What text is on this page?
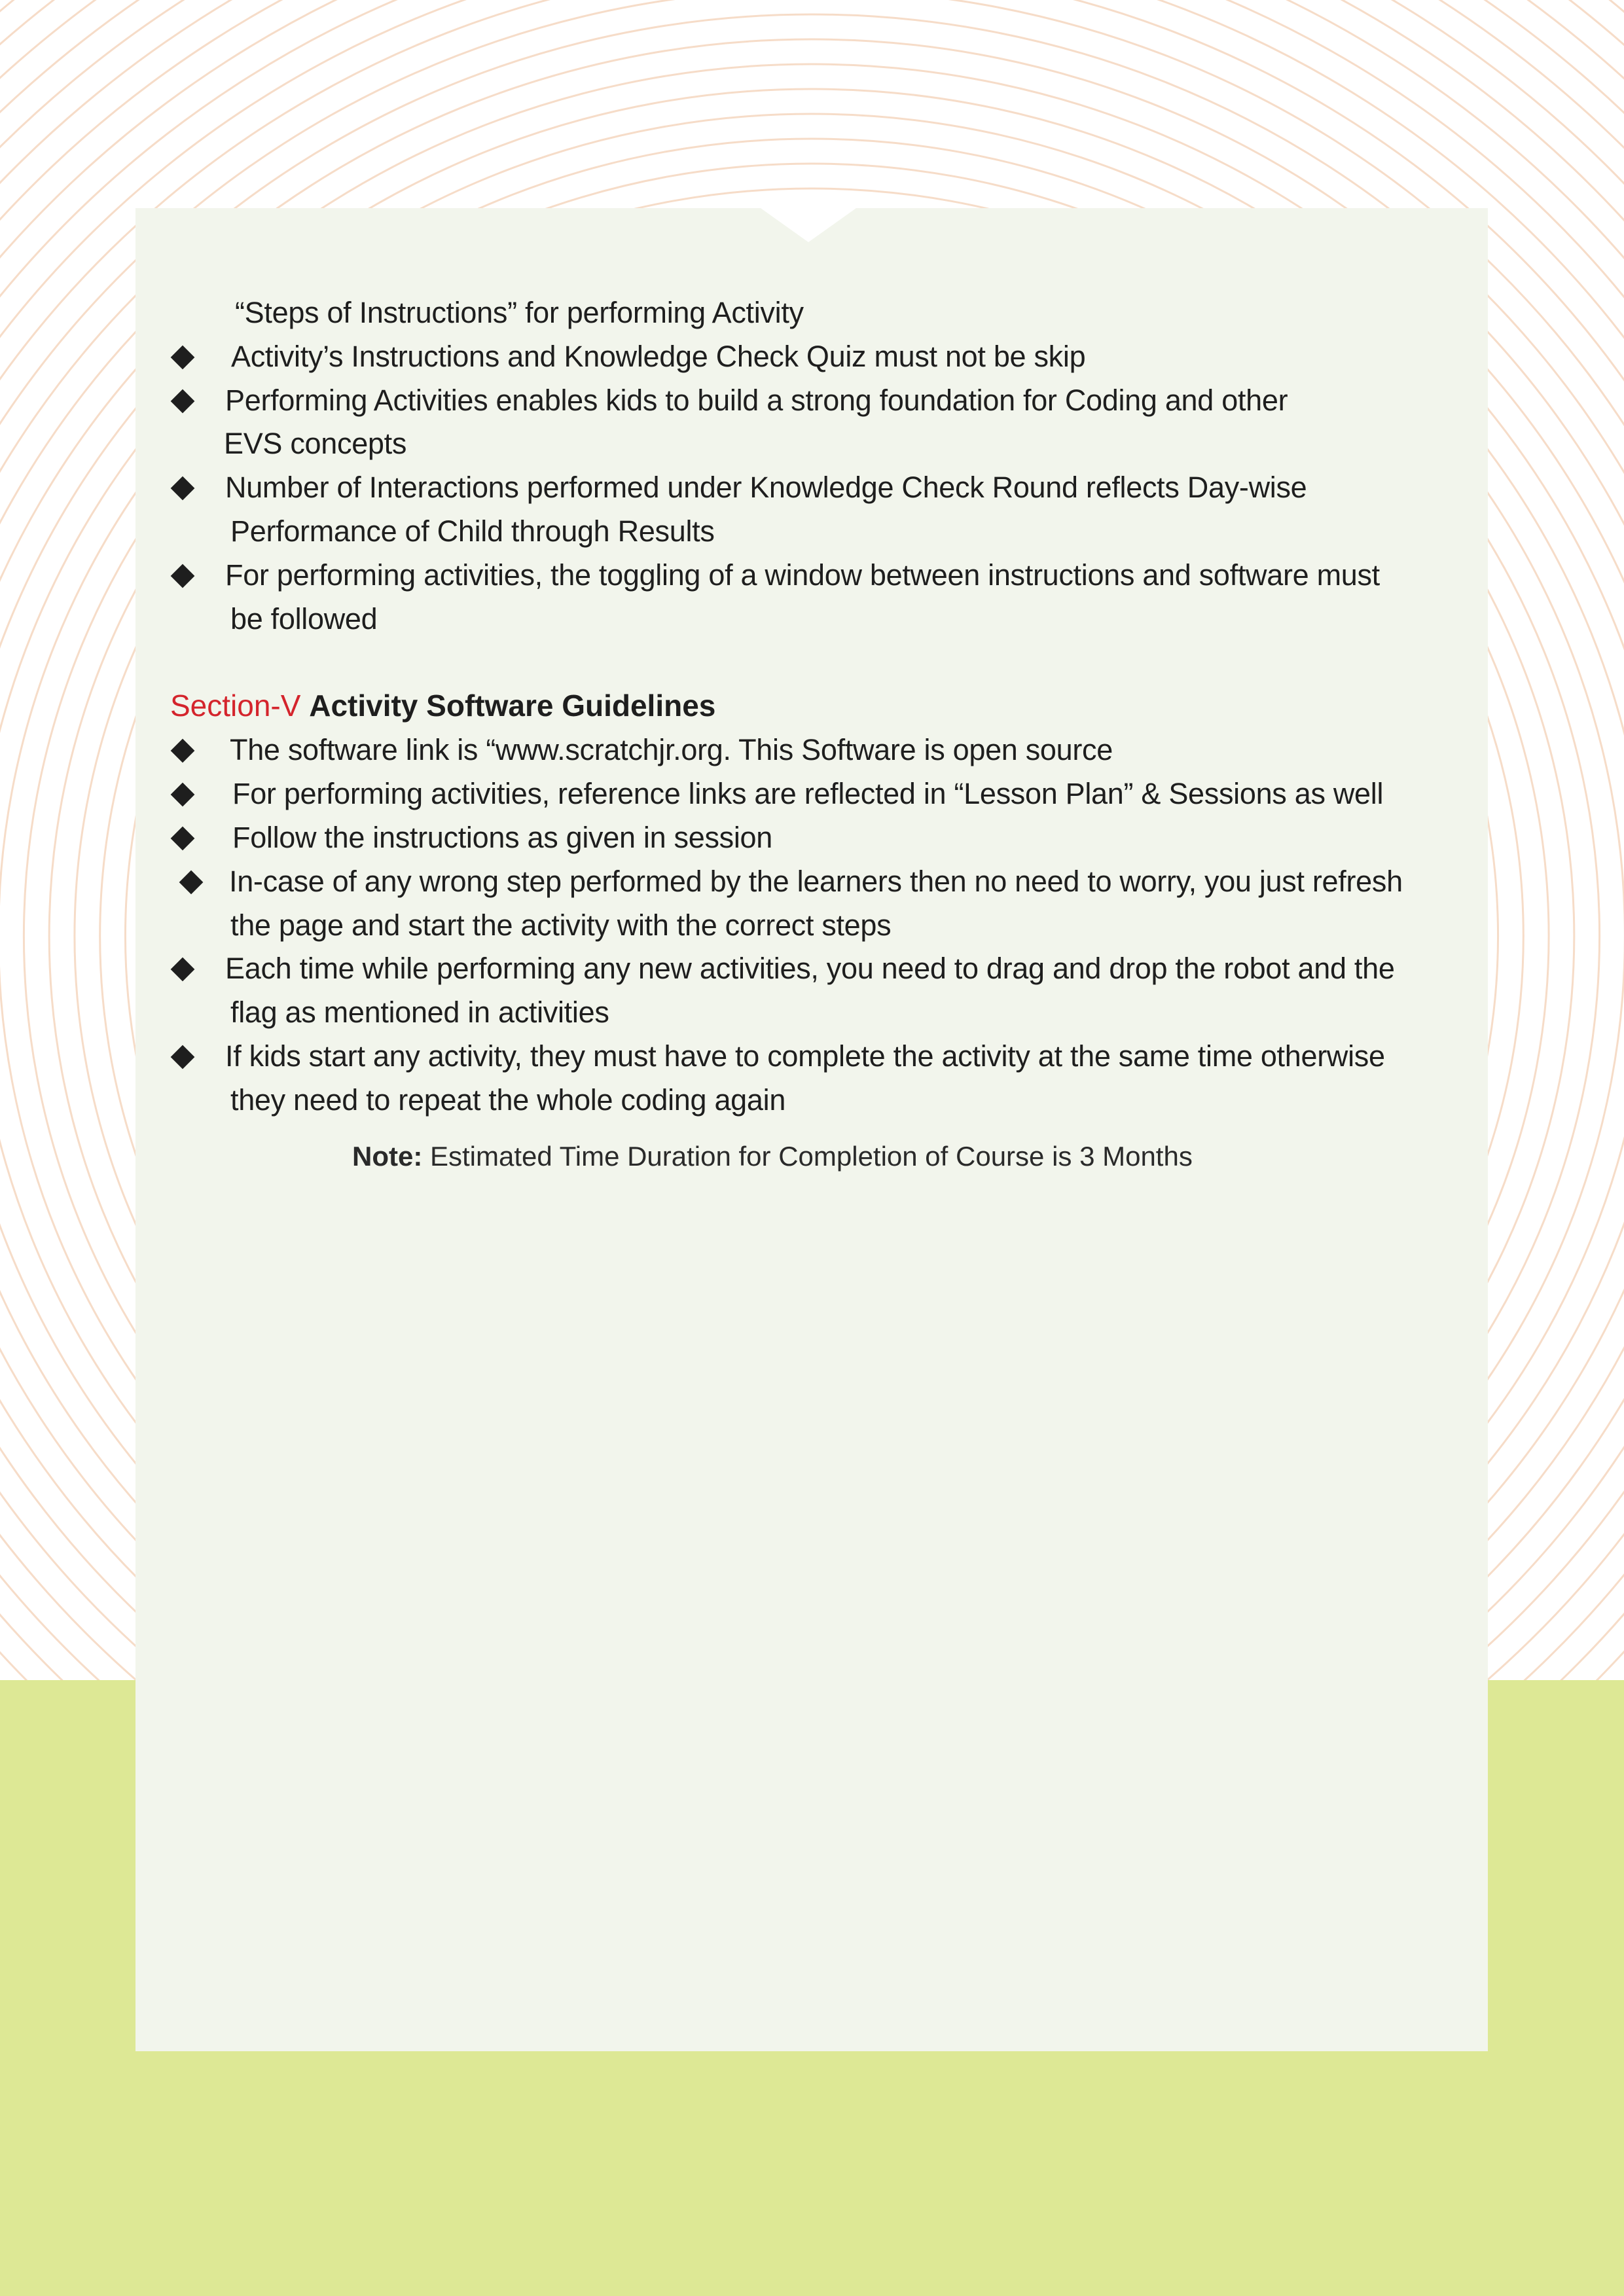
“Steps of Instructions” for performing Activity
Activity’s Instructions and Knowledge Check Quiz must not be skip
Performing Activities enables kids to build a strong foundation for Coding and other
EVS concepts
Number of Interactions performed under Knowledge Check Round reflects Day-wise
Performance of Child through Results
For performing activities, the toggling of a window between instructions and software must
be followed
Section-V Activity Software Guidelines
The software link is “www.scratchjr.org. This Software is open source
For performing activities, reference links are reflected in “Lesson Plan” & Sessions as well
Follow the instructions as given in session
In-case of any wrong step performed by the learners then no need to worry, you just refresh
the page and start the activity with the correct steps
Each time while performing any new activities, you need to drag and drop the robot and the
flag as mentioned in activities
If kids start any activity, they must have to complete the activity at the same time otherwise
they need to repeat the whole coding again
Note: Estimated Time Duration for Completion of Course is 3 Months
